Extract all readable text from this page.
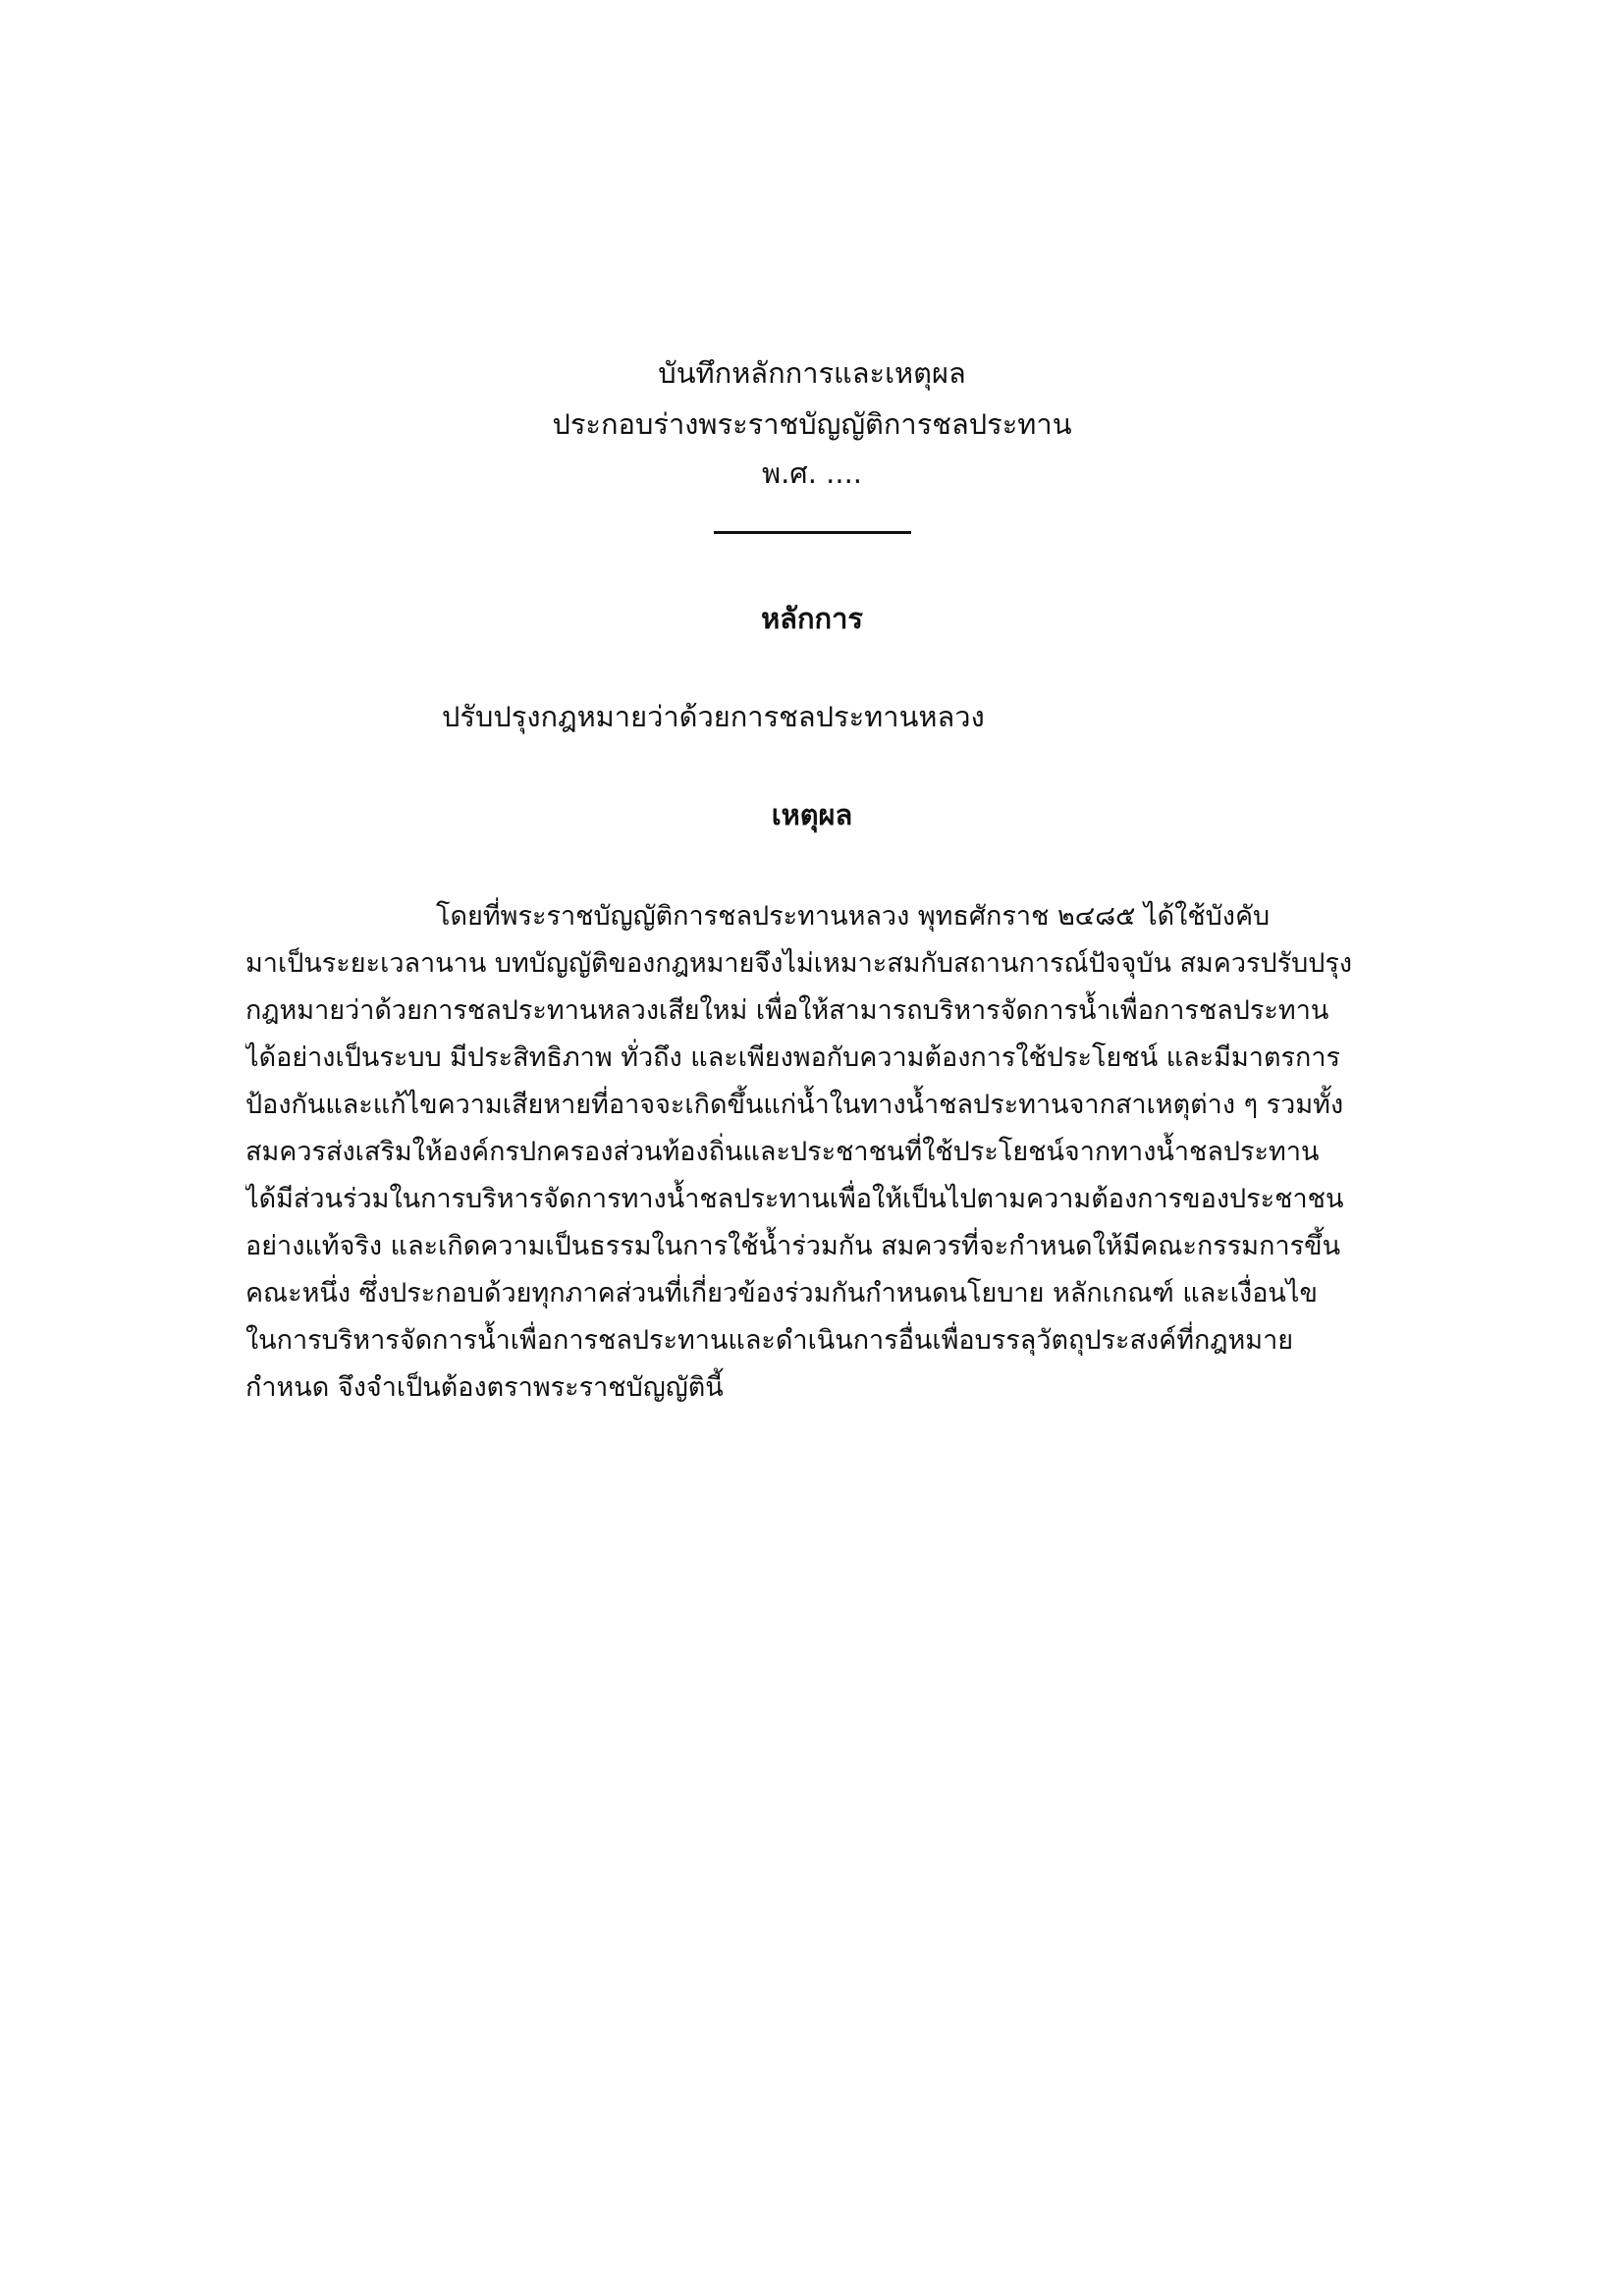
บันทึกหลักการและเหตุผล
ประกอบร่างพระราชบัญญัติการชลประทาน
พ.ศ. ....
หลักการ
ปรับปรุงกฎหมายว่าด้วยการชลประทานหลวง
เหตุผล
โดยที่พระราชบัญญัติการชลประทานหลวง พุทธศักราช ๒๔๘๕ ได้ใช้บังคับ
มาเป็นระยะเวลานาน บทบัญญัติของกฎหมายจึงไม่เหมาะสมกับสถานการณ์ปัจจุบัน สมควรปรับปรุง
กฎหมายว่าด้วยการชลประทานหลวงเสียใหม่ เพื่อให้สามารถบริหารจัดการน้ำเพื่อการชลประทาน
ได้อย่างเป็นระบบ มีประสิทธิภาพ ทั่วถึง และเพียงพอกับความต้องการใช้ประโยชน์ และมีมาตรการ
ป้องกันและแก้ไขความเสียหายที่อาจจะเกิดขึ้นแก่น้ำในทางน้ำชลประทานจากสาเหตุต่าง ๆ รวมทั้ง
สมควรส่งเสริมให้องค์กรปกครองส่วนท้องถิ่นและประชาชนที่ใช้ประโยชน์จากทางน้ำชลประทาน
ได้มีส่วนร่วมในการบริหารจัดการทางน้ำชลประทานเพื่อให้เป็นไปตามความต้องการของประชาชน
อย่างแท้จริง และเกิดความเป็นธรรมในการใช้น้ำร่วมกัน สมควรที่จะกำหนดให้มีคณะกรรมการขึ้น
คณะหนึ่ง ซึ่งประกอบด้วยทุกภาคส่วนที่เกี่ยวข้องร่วมกันกำหนดนโยบาย หลักเกณฑ์ และเงื่อนไข
ในการบริหารจัดการน้ำเพื่อการชลประทานและดำเนินการอื่นเพื่อบรรลุวัตถุประสงค์ที่กฎหมาย
กำหนด จึงจำเป็นต้องตราพระราชบัญญัตินี้
